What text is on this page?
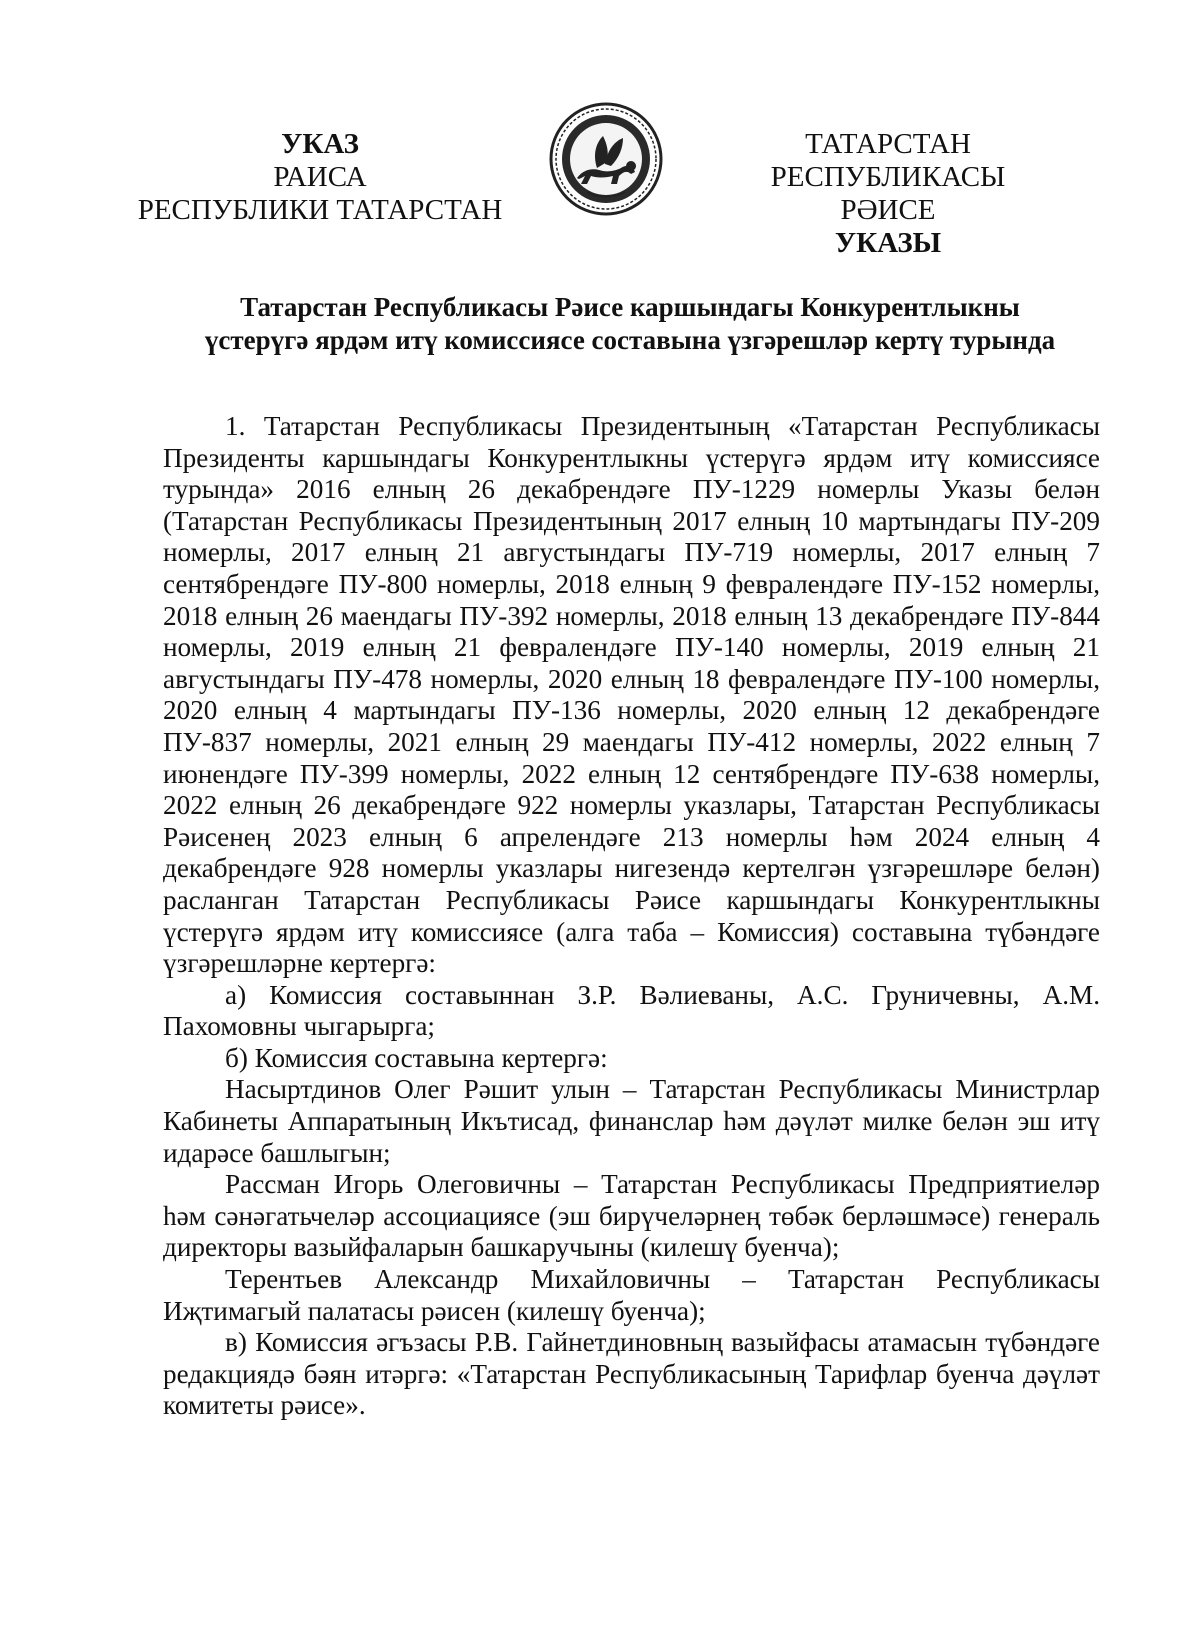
УКАЗ
РАИСА
РЕСПУБЛИКИ ТАТАРСТАН
ТАТАРСТАН РЕСПУБЛИКАСЫ
РӘИСЕ
УКАЗЫ
Татарстан Республикасы Рәисе каршындагы Конкурентлыкны
үстерүгә ярдәм итү комиссиясе составына үзгәрешләр кертү турында

1. Татарстан Республикасы Президентының «Татарстан Республикасы Президенты каршындагы Конкурентлыкны үстерүгә ярдәм итү комиссиясе турында» 2016 елның 26 декабрендәге ПУ-1229 номерлы Указы белән (Татарстан Республикасы Президентының 2017 елның 10 мартындагы ПУ-209 номерлы, 2017 елның 21 августындагы ПУ-719 номерлы, 2017 елның 7 сентябрендәге ПУ-800 номерлы, 2018 елның 9 февралендәге ПУ-152 номерлы, 2018 елның 26 маендагы ПУ-392 номерлы, 2018 елның 13 декабрендәге ПУ-844 номерлы, 2019 елның 21 февралендәге ПУ-140 номерлы, 2019 елның 21 августындагы ПУ-478 номерлы, 2020 елның 18 февралендәге ПУ-100 номерлы, 2020 елның 4 мартындагы ПУ-136 номерлы, 2020 елның 12 декабрендәге ПУ-837 номерлы, 2021 елның 29 маендагы ПУ-412 номерлы, 2022 елның 7 июнендәге ПУ-399 номерлы, 2022 елның 12 сентябрендәге ПУ-638 номерлы, 2022 елның 26 декабрендәге 922 номерлы указлары, Татарстан Республикасы Рәисенең 2023 елның 6 апрелендәге 213 номерлы һәм 2024 елның 4 декабрендәге 928 номерлы указлары нигезендә кертелгән үзгәрешләре белән) расланган Татарстан Республикасы Рәисе каршындагы Конкурентлыкны үстерүгә ярдәм итү комиссиясе (алга таба – Комиссия) составына түбәндәге үзгәрешләрне кертергә:

а) Комиссия составыннан З.Р. Вәлиеваны, А.С. Груничевны, А.М. Пахомовны чыгарырга;

б) Комиссия составына кертергә:

Насыртдинов Олег Рәшит улын – Татарстан Республикасы Министрлар Кабинеты Аппаратының Икътисад, финанслар һәм дәүләт милке белән эш итү идарәсе башлыгын;

Рассман Игорь Олеговичны – Татарстан Республикасы Предприятиеләр һәм сәнәгатьчеләр ассоциациясе (эш бирүчеләрнең төбәк берләшмәсе) генераль директоры вазыйфаларын башкаручыны (килешү буенча);

Терентьев Александр Михайловичны – Татарстан Республикасы Иҗтимагый палатасы рәисен (килешү буенча);

в) Комиссия әгъзасы Р.В. Гайнетдиновның вазыйфасы атамасын түбәндәге редакциядә бәян итәргә: «Татарстан Республикасының Тарифлар буенча дәүләт комитеты рәисе».
